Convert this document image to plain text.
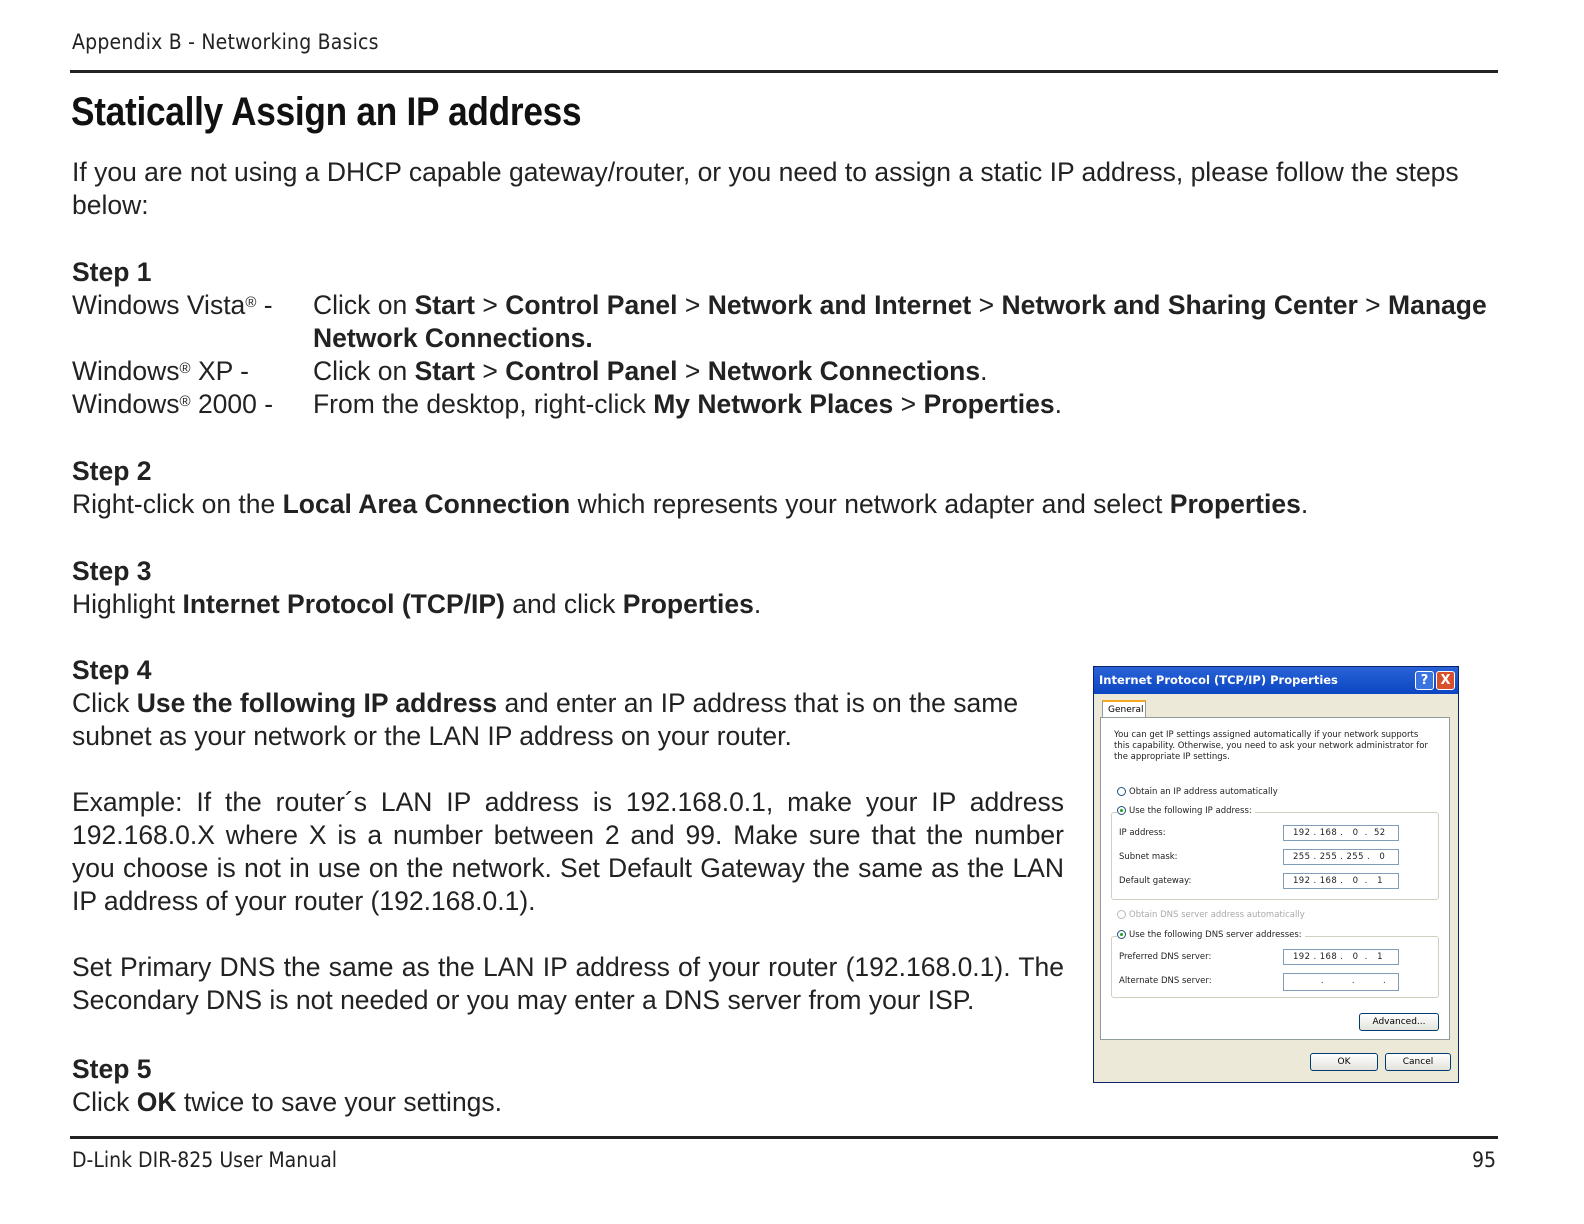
Appendix B - Networking Basics
Statically Assign an IP address
If you are not using a DHCP capable gateway/router, or you need to assign a static IP address, please follow the steps below:
Step 1
Windows Vista® -	Click on Start > Control Panel > Network and Internet > Network and Sharing Center > Manage Network Connections.
Windows® XP -	Click on Start > Control Panel > Network Connections.
Windows® 2000 -	From the desktop, right-click My Network Places > Properties.
Step 2
Right-click on the Local Area Connection which represents your network adapter and select Properties.
Step 3
Highlight Internet Protocol (TCP/IP) and click Properties.
Step 4
Click Use the following IP address and enter an IP address that is on the same subnet as your network or the LAN IP address on your router.
Example: If the router´s LAN IP address is 192.168.0.1, make your IP address 192.168.0.X where X is a number between 2 and 99. Make sure that the number you choose is not in use on the network. Set Default Gateway the same as the LAN IP address of your router (192.168.0.1).
Set Primary DNS the same as the LAN IP address of your router (192.168.0.1). The Secondary DNS is not needed or you may enter a DNS server from your ISP.
Step 5
Click OK twice to save your settings.
Internet Protocol (TCP/IP) Properties	? X
General
You can get IP settings assigned automatically if your network supports this capability. Otherwise, you need to ask your network administrator for the appropriate IP settings.
Obtain an IP address automatically
Use the following IP address:
IP address:	192 . 168 .   0  .  52
Subnet mask:	255 . 255 . 255 .   0
Default gateway:	192 . 168 .   0  .   1
Obtain DNS server address automatically
Use the following DNS server addresses:
Preferred DNS server:	192 . 168 .   0  .   1
Alternate DNS server:	.         .         .
Advanced...
OK	Cancel
D-Link DIR-825 User Manual	95
